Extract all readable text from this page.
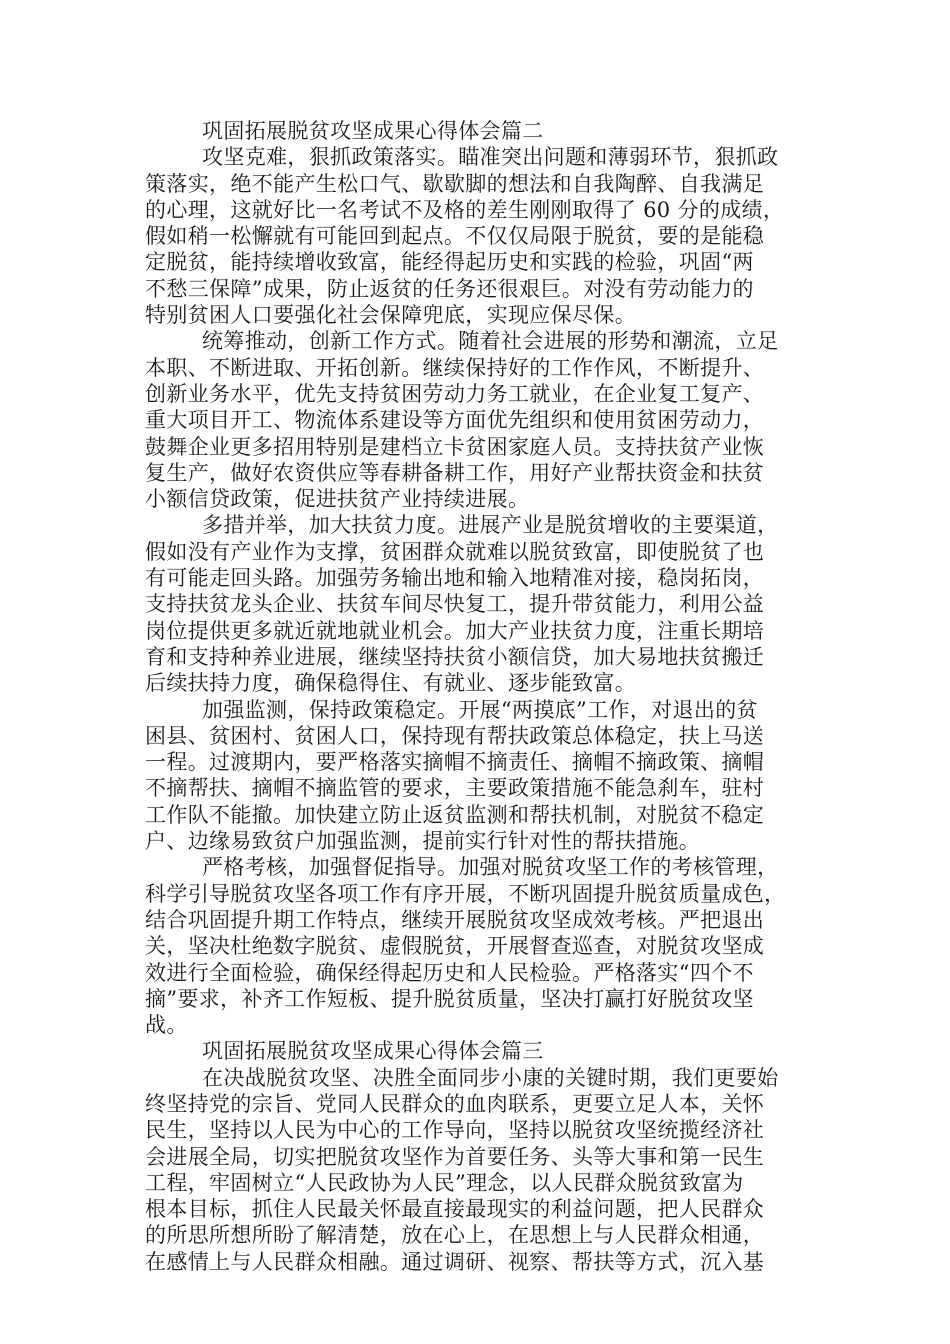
巩固拓展脱贫攻坚成果心得体会篇二
攻坚克难，狠抓政策落实。瞄准突出问题和薄弱环节，狠抓政
策落实，绝不能产生松口气、歇歇脚的想法和自我陶醉、自我满足
的心理，这就好比一名考试不及格的差生刚刚取得了 60 分的成绩，
假如稍一松懈就有可能回到起点。不仅仅局限于脱贫，要的是能稳
定脱贫，能持续增收致富，能经得起历史和实践的检验，巩固“两
不愁三保障”成果，防止返贫的任务还很艰巨。对没有劳动能力的
特别贫困人口要强化社会保障兜底，实现应保尽保。
统筹推动，创新工作方式。随着社会进展的形势和潮流，立足
本职、不断进取、开拓创新。继续保持好的工作作风，不断提升、
创新业务水平，优先支持贫困劳动力务工就业，在企业复工复产、
重大项目开工、物流体系建设等方面优先组织和使用贫困劳动力，
鼓舞企业更多招用特别是建档立卡贫困家庭人员。支持扶贫产业恢
复生产，做好农资供应等春耕备耕工作，用好产业帮扶资金和扶贫
小额信贷政策，促进扶贫产业持续进展。
多措并举，加大扶贫力度。进展产业是脱贫增收的主要渠道，
假如没有产业作为支撑，贫困群众就难以脱贫致富，即使脱贫了也
有可能走回头路。加强劳务输出地和输入地精准对接，稳岗拓岗，
支持扶贫龙头企业、扶贫车间尽快复工，提升带贫能力，利用公益
岗位提供更多就近就地就业机会。加大产业扶贫力度，注重长期培
育和支持种养业进展，继续坚持扶贫小额信贷，加大易地扶贫搬迁
后续扶持力度，确保稳得住、有就业、逐步能致富。
加强监测，保持政策稳定。开展“两摸底”工作，对退出的贫
困县、贫困村、贫困人口，保持现有帮扶政策总体稳定，扶上马送
一程。过渡期内，要严格落实摘帽不摘责任、摘帽不摘政策、摘帽
不摘帮扶、摘帽不摘监管的要求，主要政策措施不能急刹车，驻村
工作队不能撤。加快建立防止返贫监测和帮扶机制，对脱贫不稳定
户、边缘易致贫户加强监测，提前实行针对性的帮扶措施。
严格考核，加强督促指导。加强对脱贫攻坚工作的考核管理，
科学引导脱贫攻坚各项工作有序开展，不断巩固提升脱贫质量成色，
结合巩固提升期工作特点，继续开展脱贫攻坚成效考核。严把退出
关，坚决杜绝数字脱贫、虚假脱贫，开展督查巡查，对脱贫攻坚成
效进行全面检验，确保经得起历史和人民检验。严格落实“四个不
摘”要求，补齐工作短板、提升脱贫质量，坚决打赢打好脱贫攻坚
战。
巩固拓展脱贫攻坚成果心得体会篇三
在决战脱贫攻坚、决胜全面同步小康的关键时期，我们更要始
终坚持党的宗旨、党同人民群众的血肉联系，更要立足人本，关怀
民生，坚持以人民为中心的工作导向，坚持以脱贫攻坚统揽经济社
会进展全局，切实把脱贫攻坚作为首要任务、头等大事和第一民生
工程，牢固树立“人民政协为人民”理念，以人民群众脱贫致富为
根本目标，抓住人民最关怀最直接最现实的利益问题，把人民群众
的所思所想所盼了解清楚，放在心上，在思想上与人民群众相通，
在感情上与人民群众相融。通过调研、视察、帮扶等方式，沉入基
